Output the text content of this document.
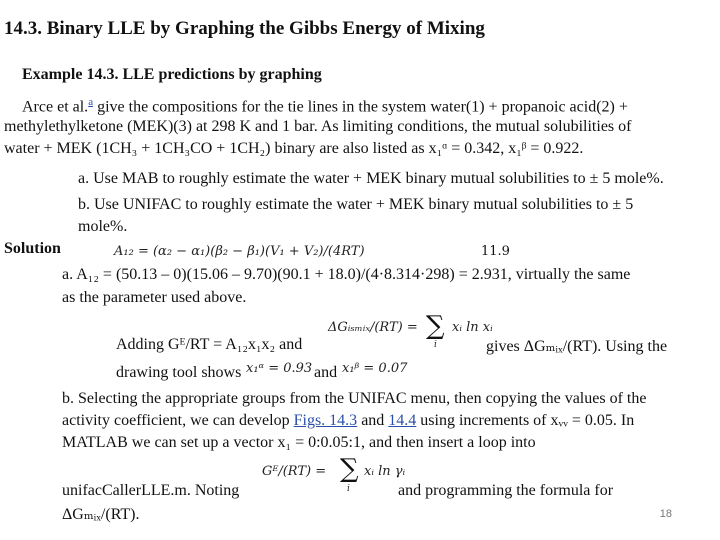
14.3. Binary LLE by Graphing the Gibbs Energy of Mixing
Example 14.3. LLE predictions by graphing
Arce et al.$^a$ give the compositions for the tie lines in the system water(1) + propanoic acid(2) +
methylethylketone (MEK)(3) at 298 K and 1 bar. As limiting conditions, the mutual solubilities of
water + MEK (1CH₃ + 1CH₃CO + 1CH₂) binary are also listed as x₁ᵅ = 0.342, x₁ᵝ = 0.922.
a. Use MAB to roughly estimate the water + MEK binary mutual solubilities to ± 5 mole%.
b. Use UNIFAC to roughly estimate the water + MEK binary mutual solubilities to ± 5
mole%.
Solution	A₁₂ = (α₂ − α₁)(β₂ − β₁)(V₁ + V₂)/(4RT)	11.9
a. A₁₂ = (50.13 – 0)(15.06 – 9.70)(90.1 + 18.0)/(4·8.314·298) = 2.931, virtually the same
as the parameter used above.
Adding Gᴱ/RT = A₁₂x₁x₂ and
ΔGᵢₛₘᵢₓ/(RT) = ∑
i
xᵢ ln xᵢ
gives ΔGₘᵢₓ/(RT). Using the
drawing tool shows x₁ᵅ = 0.93 and x₁ᵝ = 0.07
b. Selecting the appropriate groups from the UNIFAC menu, then copying the values of the
activity coefficient, we can develop Figs. 14.3 and 14.4 using increments of xᵥᵥ = 0.05. In
MATLAB we can set up a vector x₁ = 0:0.05:1, and then insert a loop into
Gᴱ/(RT) = ∑
i
xᵢ ln γᵢ
unifacCallerLLE.m. Noting	and programming the formula for
ΔGₘᵢₓ/(RT).	18
